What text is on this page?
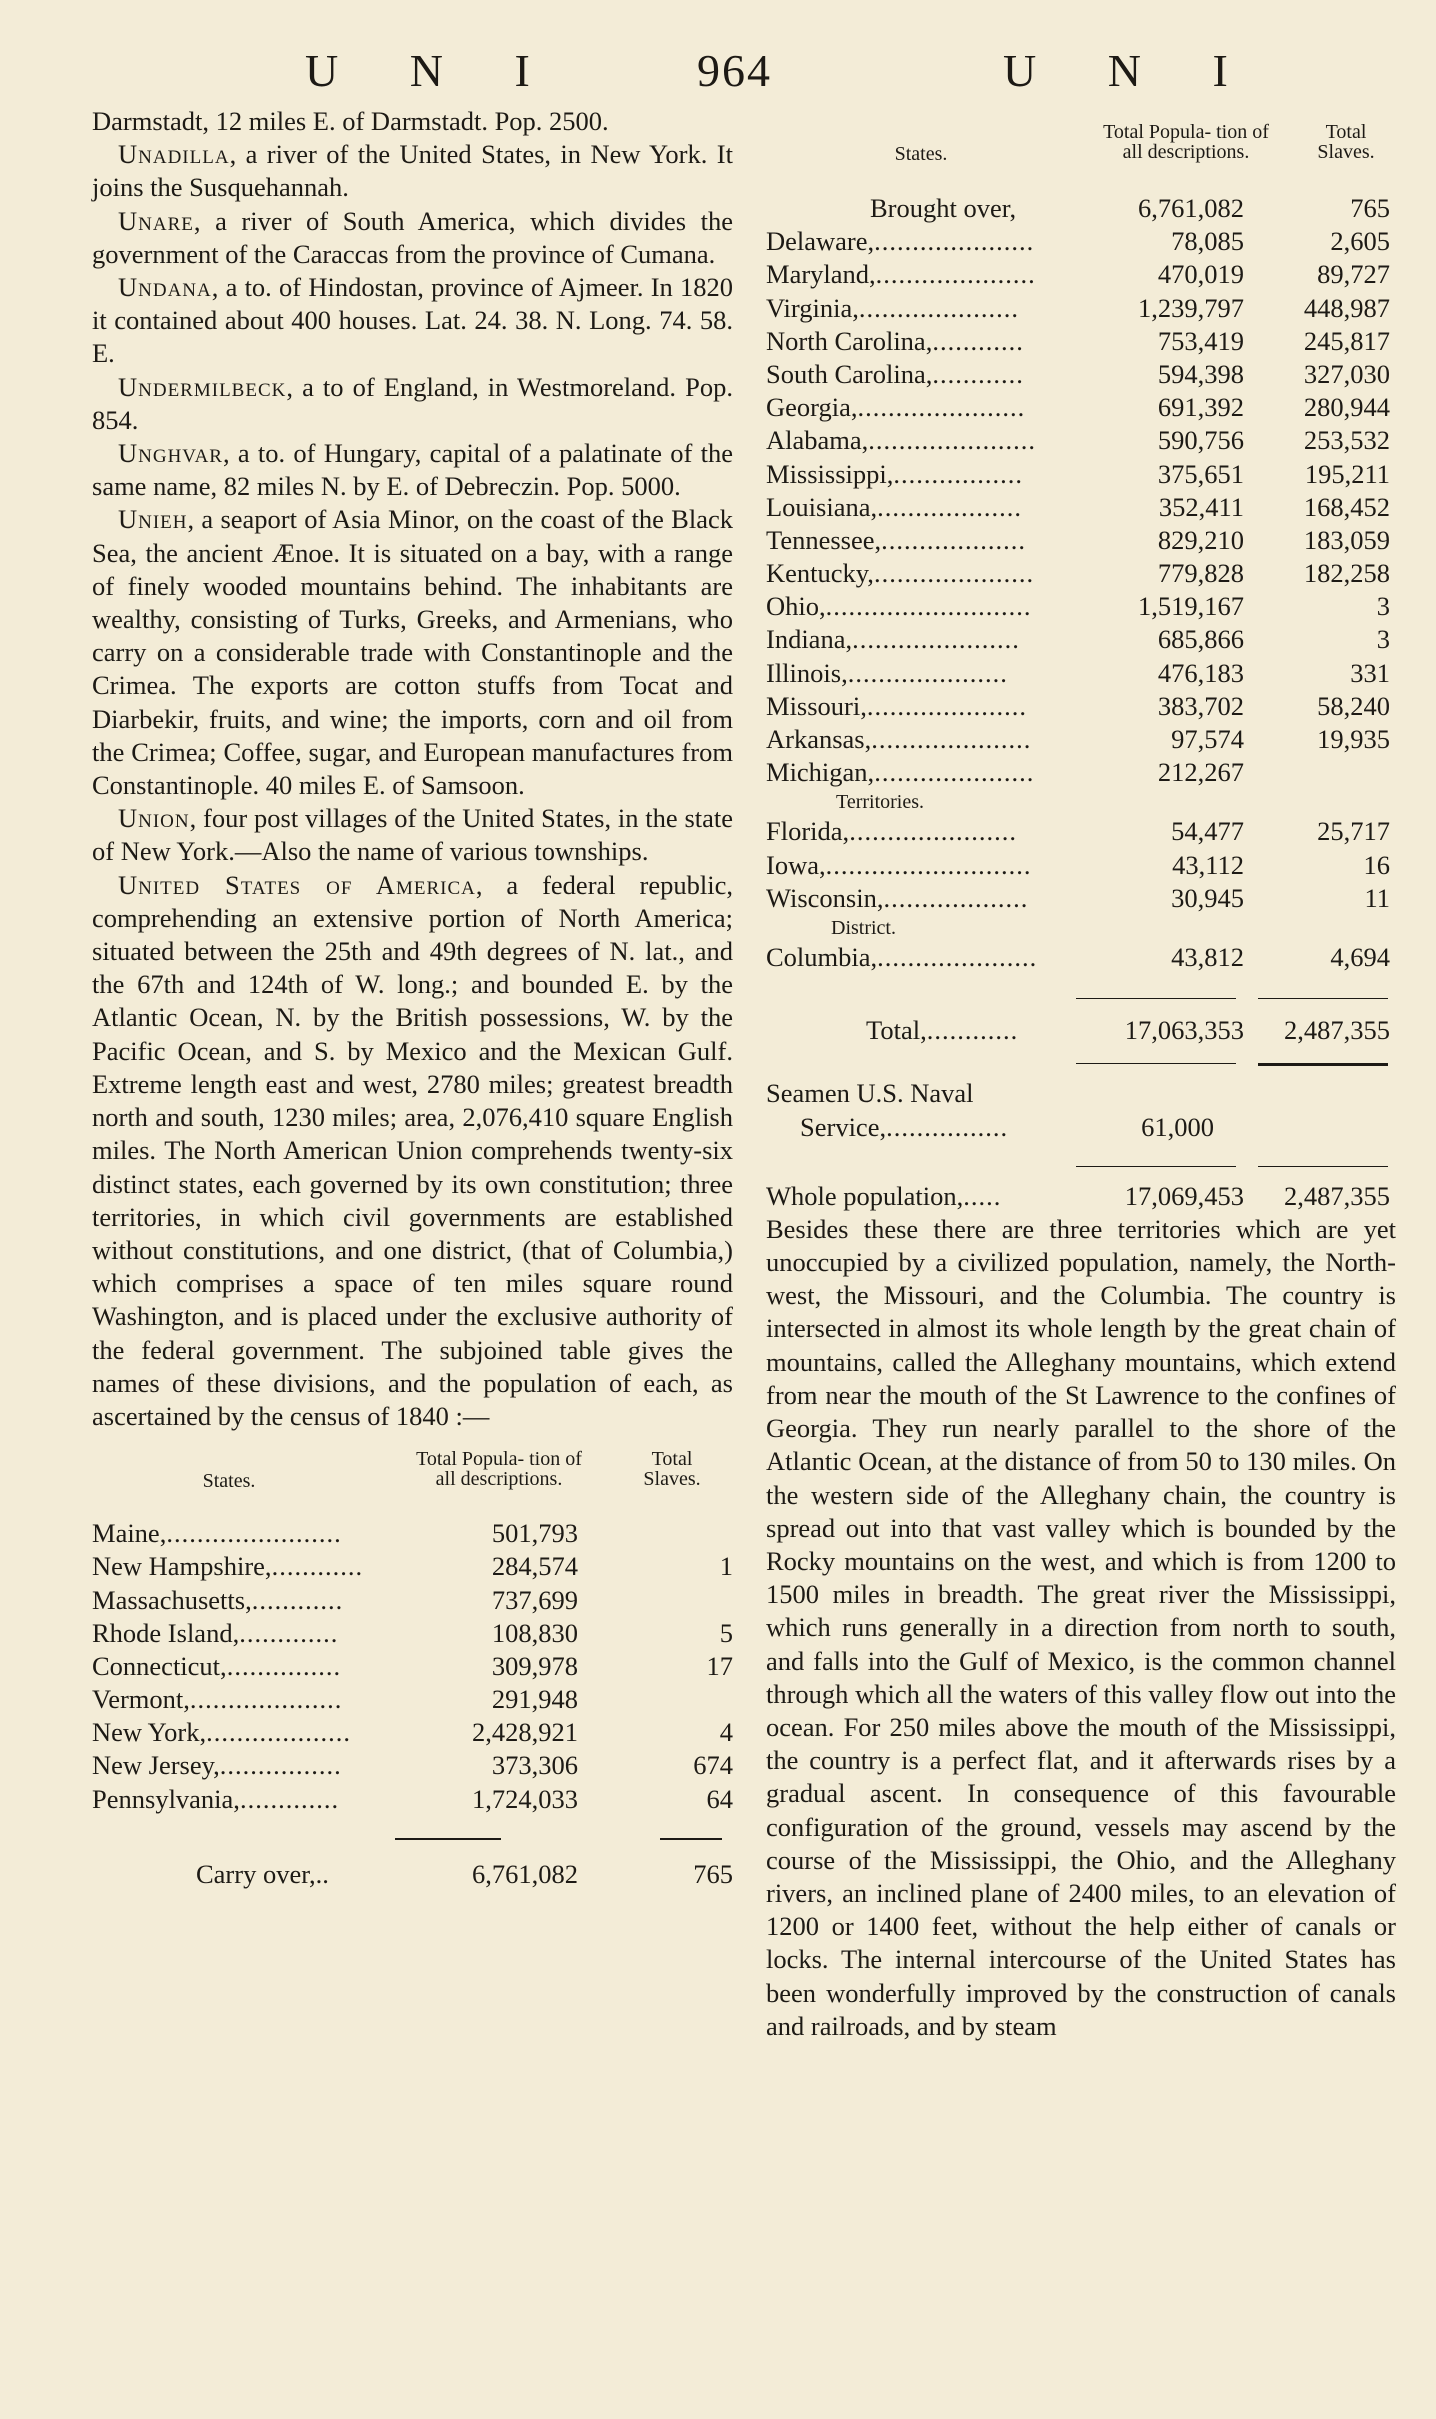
U N I	964	U N I

Darmstadt, 12 miles E. of Darmstadt. Pop. 2500.

Unadilla, a river of the United States, in New York. It joins the Susquehannah.

Unare, a river of South America, which divides the government of the Caraccas from the province of Cumana.

Undana, a to. of Hindostan, province of Ajmeer. In 1820 it contained about 400 houses. Lat. 24. 38. N. Long. 74. 58. E.

Undermilbeck, a to of England, in Westmoreland. Pop. 854.

Unghvar, a to. of Hungary, capital of a palatinate of the same name, 82 miles N. by E. of Debreczin. Pop. 5000.

Unieh, a seaport of Asia Minor, on the coast of the Black Sea, the ancient Ænoe. It is situated on a bay, with a range of finely wooded mountains behind. The inhabitants are wealthy, consisting of Turks, Greeks, and Armenians, who carry on a considerable trade with Constantinople and the Crimea. The exports are cotton stuffs from Tocat and Diarbekir, fruits, and wine; the imports, corn and oil from the Crimea; Coffee, sugar, and European manufactures from Constantinople. 40 miles E. of Samsoon.

Union, four post villages of the United States, in the state of New York.—Also the name of various townships.

United States of America, a federal republic, comprehending an extensive portion of North America; situated between the 25th and 49th degrees of N. lat., and the 67th and 124th of W. long.; and bounded E. by the Atlantic Ocean, N. by the British possessions, W. by the Pacific Ocean, and S. by Mexico and the Mexican Gulf. Extreme length east and west, 2780 miles; greatest breadth north and south, 1230 miles; area, 2,076,410 square English miles. The North American Union comprehends twenty-six distinct states, each governed by its own constitution; three territories, in which civil governments are established without constitutions, and one district, (that of Columbia,) which comprises a space of ten miles square round Washington, and is placed under the exclusive authority of the federal government. The subjoined table gives the names of these divisions, and the population of each, as ascertained by the census of 1840 :—

States.
Total Popula- tion of all descriptions.
Total Slaves.
Maine,.......................	501,793
New Hampshire,............	284,574	1
Massachusetts,............	737,699
Rhode Island,.............	108,830	5
Connecticut,...............	309,978	17
Vermont,....................	291,948
New York,...................	2,428,921	4
New Jersey,................	373,306	674
Pennsylvania,.............	1,724,033	64
Carry over,..	6,761,082	765
States.
Total Popula- tion of all descriptions.
Total Slaves.
Brought over,	6,761,082	765
Delaware,.....................	78,085	2,605
Maryland,.....................	470,019	89,727
Virginia,.....................	1,239,797 448,987
North Carolina,............	753,419 245,817
South Carolina,............	594,398 327,030
Georgia,......................	691,392 280,944
Alabama,......................	590,756 253,532
Mississippi,.................	375,651 195,211
Louisiana,...................	352,411 168,452
Tennessee,...................	829,210 183,059
Kentucky,.....................	779,828 182,258
Ohio,...........................	1,519,167	3
Indiana,......................	685,866	3
Illinois,.....................	476,183	331
Missouri,.....................	383,702	58,240
Arkansas,.....................	97,574	19,935
Michigan,.....................	212,267
Territories.
Florida,......................	54,477	25,717
Iowa,...........................	43,112	16
Wisconsin,...................	30,945	11
District.
Columbia,.....................	43,812	4,694
Total,............	17,063,353 2,487,355
Seamen U.S. Naval
Service,................	61,000
Whole population,.....	17,069,453 2,487,355

Besides these there are three territories which are yet unoccupied by a civilized population, namely, the North-west, the Missouri, and the Columbia. The country is intersected in almost its whole length by the great chain of mountains, called the Alleghany mountains, which extend from near the mouth of the St Lawrence to the confines of Georgia. They run nearly parallel to the shore of the Atlantic Ocean, at the distance of from 50 to 130 miles. On the western side of the Alleghany chain, the country is spread out into that vast valley which is bounded by the Rocky mountains on the west, and which is from 1200 to 1500 miles in breadth. The great river the Mississippi, which runs generally in a direction from north to south, and falls into the Gulf of Mexico, is the common channel through which all the waters of this valley flow out into the ocean. For 250 miles above the mouth of the Mississippi, the country is a perfect flat, and it afterwards rises by a gradual ascent. In consequence of this favourable configuration of the ground, vessels may ascend by the course of the Mississippi, the Ohio, and the Alleghany rivers, an inclined plane of 2400 miles, to an elevation of 1200 or 1400 feet, without the help either of canals or locks. The internal intercourse of the United States has been wonderfully improved by the construction of canals and railroads, and by steam
